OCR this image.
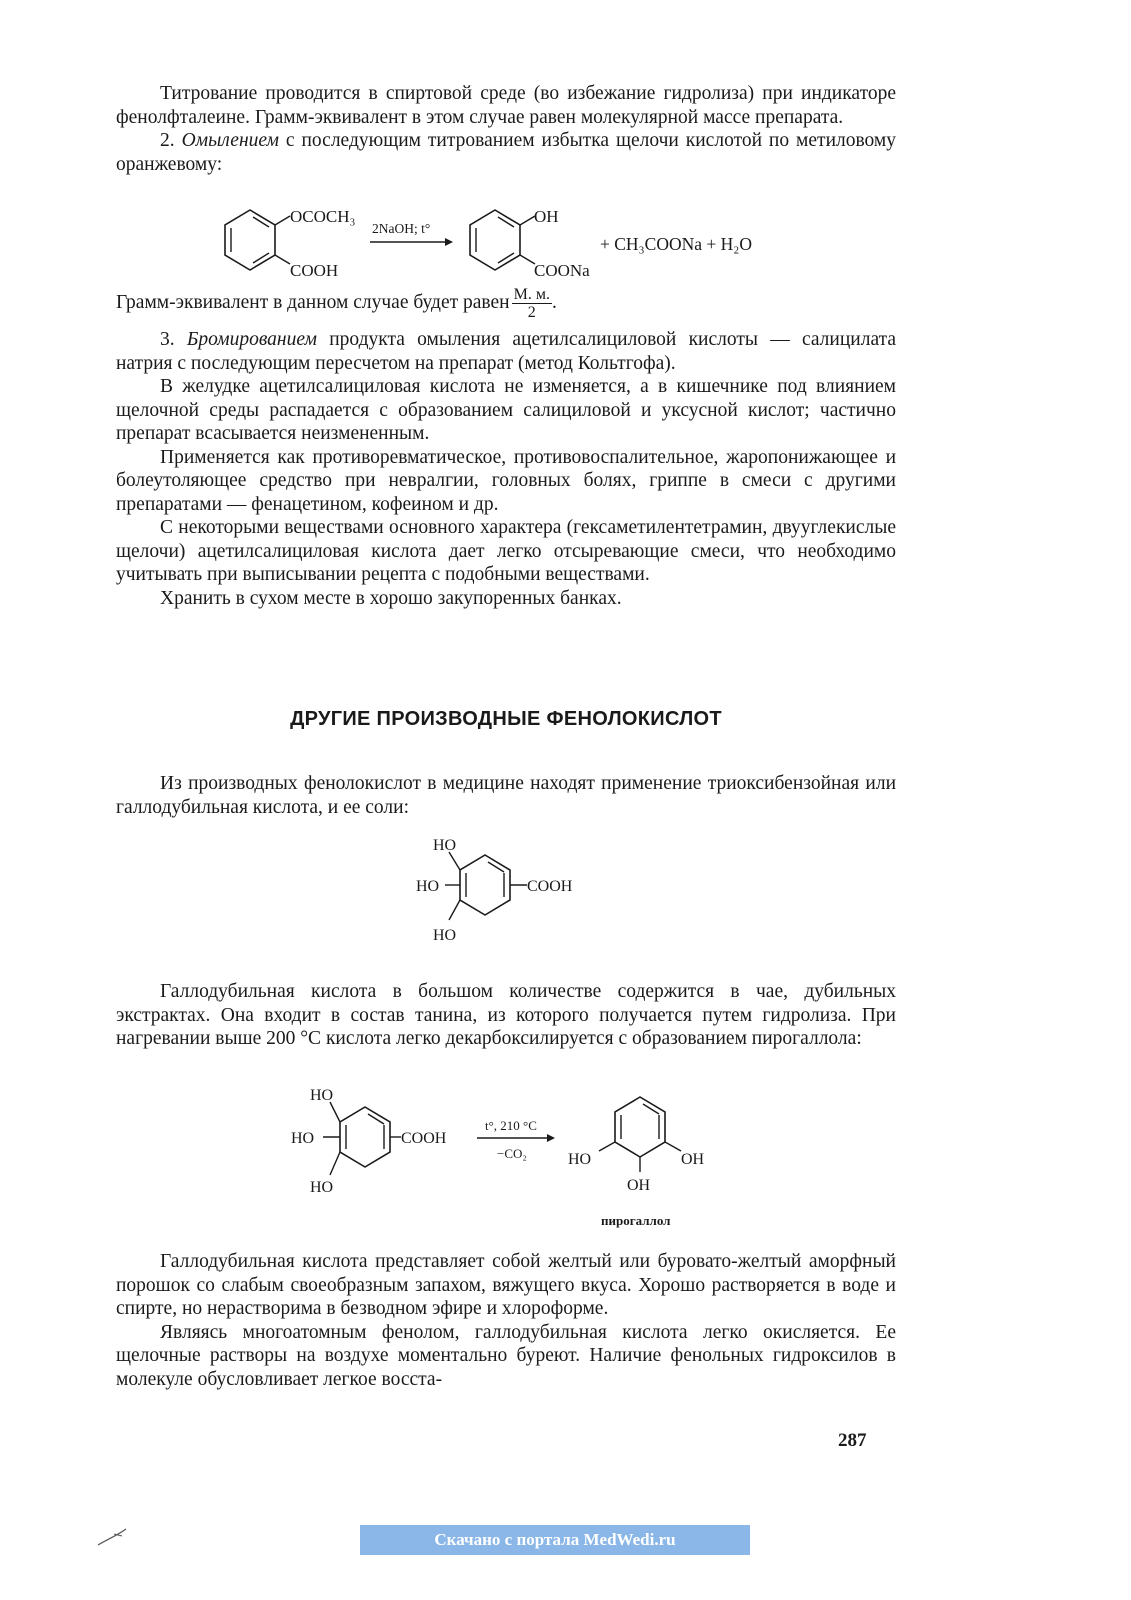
Титрование проводится в спиртовой среде (во избежание гидролиза) при индикаторе фенолфталеине. Грамм-эквивалент в этом случае равен молекулярной массе препарата.

2. Омылением с последующим титрованием избытка щелочи кислотой по метиловому оранжевому:

OCOCH₃
COOH
2NaOH; t°
OH
COONa
+ CH₃COONa + H₂O

Грамм-эквивалент в данном случае будет равен $\frac{М. м.}{2}$ .

3. Бромированием продукта омыления ацетилсалициловой кислоты — салицилата натрия с последующим пересчетом на препарат (метод Кольтгофа).

В желудке ацетилсалициловая кислота не изменяется, а в кишечнике под влиянием щелочной среды распадается с образованием салициловой и уксусной кислот; частично препарат всасывается неизмененным.

Применяется как противоревматическое, противовоспалительное, жаропонижающее и болеутоляющее средство при невралгии, головных болях, гриппе в смеси с другими препаратами — фенацетином, кофеином и др.

С некоторыми веществами основного характера (гексаметилентетрамин, двууглекислые щелочи) ацетилсалициловая кислота дает легко отсыревающие смеси, что необходимо учитывать при выписывании рецепта с подобными веществами.

Хранить в сухом месте в хорошо закупоренных банках.

ДРУГИЕ ПРОИЗВОДНЫЕ ФЕНОЛОКИСЛОТ

Из производных фенолокислот в медицине находят применение триоксибензойная или галлодубильная кислота, и ее соли:

HO
HO
HO
COOH

Галлодубильная кислота в большом количестве содержится в чае, дубильных экстрактах. Она входит в состав танина, из которого получается путем гидролиза. При нагревании выше 200 °С кислота легко декарбоксилируется с образованием пирогаллола:

HO
HO
HO
COOH
t°, 210 °C
−CO₂	HO	OH
OH
пирогаллол

Галлодубильная кислота представляет собой желтый или буровато-желтый аморфный порошок со слабым своеобразным запахом, вяжущего вкуса. Хорошо растворяется в воде и спирте, но нерастворима в безводном эфире и хлороформе.

Являясь многоатомным фенолом, галлодубильная кислота легко окисляется. Ее щелочные растворы на воздухе моментально буреют. Наличие фенольных гидроксилов в молекуле обусловливает легкое восста-

287
Скачано с портала MedWedi.ru
